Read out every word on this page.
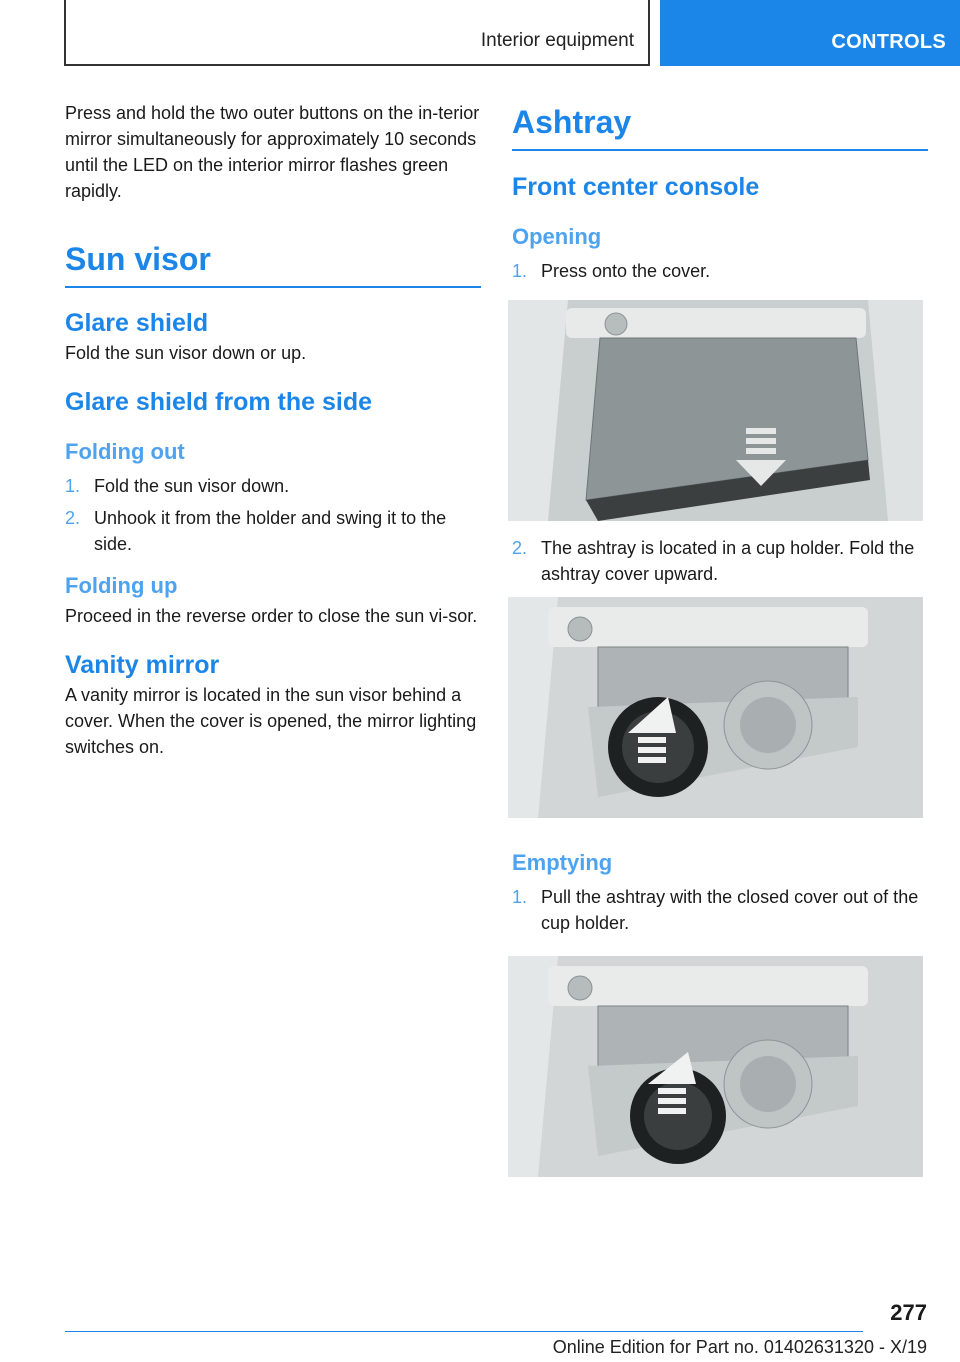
Interior equipment	CONTROLS

Press and hold the two outer buttons on the in-terior mirror simultaneously for approximately 10 seconds until the LED on the interior mirror flashes green rapidly.

Sun visor
Glare shield

Fold the sun visor down or up.

Glare shield from the side
Folding out
1. Fold the sun visor down.
2. Unhook it from the holder and swing it to the side.
Folding up

Proceed in the reverse order to close the sun vi-sor.

Vanity mirror

A vanity mirror is located in the sun visor behind a cover. When the cover is opened, the mirror lighting switches on.

Ashtray
Front center console
Opening
1. Press onto the cover.
2. The ashtray is located in a cup holder. Fold the ashtray cover upward.
Emptying
1. Pull the ashtray with the closed cover out of the cup holder.
277
Online Edition for Part no. 01402631320 - X/19
